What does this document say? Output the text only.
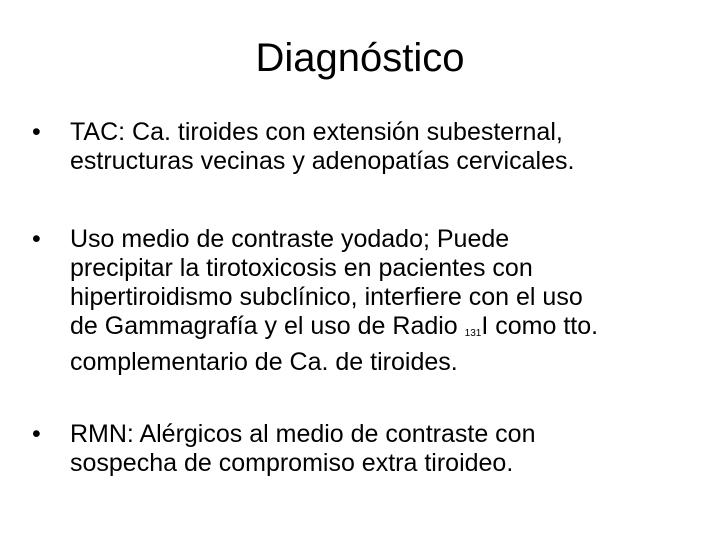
Diagnóstico
• TAC: Ca. tiroides con extensión subesternal,
estructuras vecinas y adenopatías cervicales.
• Uso medio de contraste yodado; Puede
precipitar la tirotoxicosis en pacientes con
hipertiroidismo subclínico, interfiere con el uso
de Gammagrafía y el uso de Radio $_{131}$I como tto.
complementario de Ca. de tiroides.
• RMN: Alérgicos al medio de contraste con
sospecha de compromiso extra tiroideo.
